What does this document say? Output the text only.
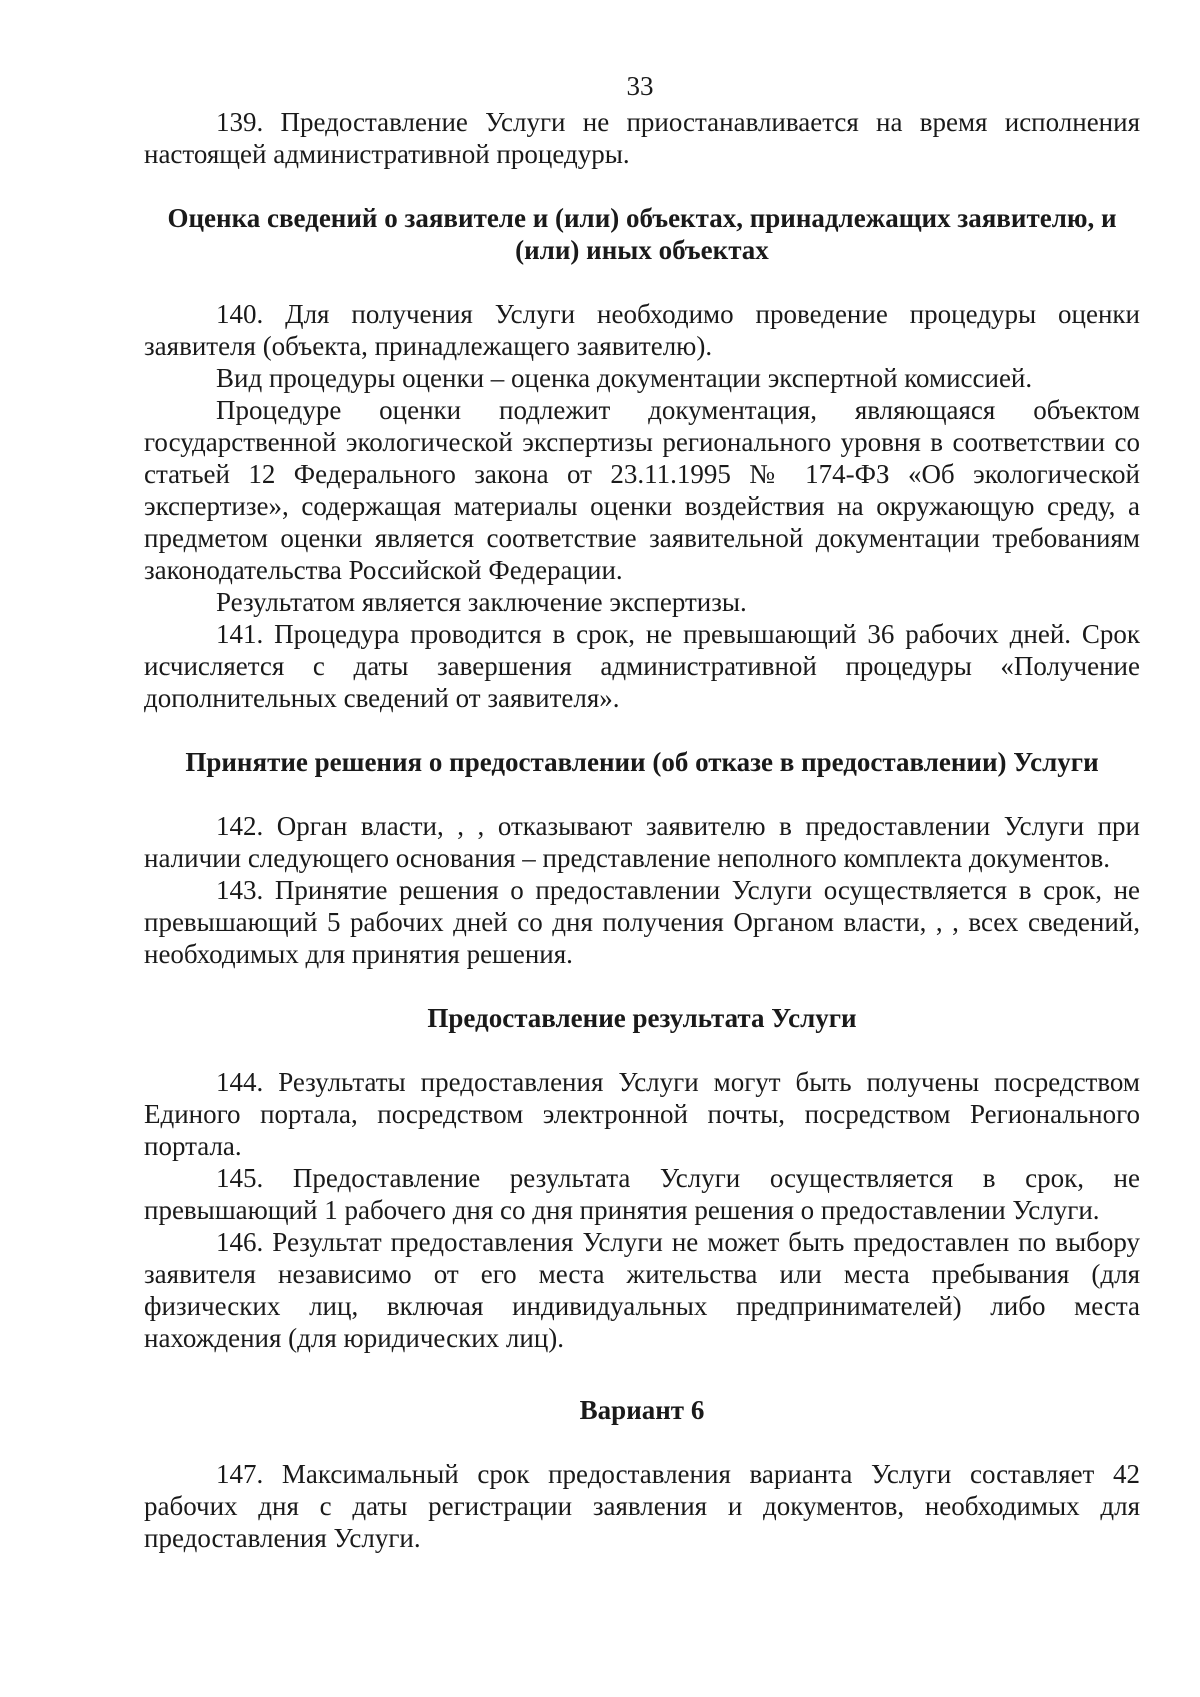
33

139. Предоставление Услуги не приостанавливается на время исполнения настоящей административной процедуры.

Оценка сведений о заявителе и (или) объектах, принадлежащих заявителю, и (или) иных объектах

140. Для получения Услуги необходимо проведение процедуры оценки заявителя (объекта, принадлежащего заявителю).

Вид процедуры оценки – оценка документации экспертной комиссией.

Процедуре оценки подлежит документация, являющаяся объектом государственной экологической экспертизы регионального уровня в соответствии со статьей 12 Федерального закона от 23.11.1995 № 174-ФЗ «Об экологической экспертизе», содержащая материалы оценки воздействия на окружающую среду, а предметом оценки является соответствие заявительной документации требованиям законодательства Российской Федерации.

Результатом является заключение экспертизы.

141. Процедура проводится в срок, не превышающий 36 рабочих дней. Срок исчисляется с даты завершения административной процедуры «Получение дополнительных сведений от заявителя».

Принятие решения о предоставлении (об отказе в предоставлении) Услуги

142. Орган власти, , , отказывают заявителю в предоставлении Услуги при наличии следующего основания – представление неполного комплекта документов.

143. Принятие решения о предоставлении Услуги осуществляется в срок, не превышающий 5 рабочих дней со дня получения Органом власти, , , всех сведений, необходимых для принятия решения.

Предоставление результата Услуги

144. Результаты предоставления Услуги могут быть получены посредством Единого портала, посредством электронной почты, посредством Регионального портала.

145. Предоставление результата Услуги осуществляется в срок, не превышающий 1 рабочего дня со дня принятия решения о предоставлении Услуги.

146. Результат предоставления Услуги не может быть предоставлен по выбору заявителя независимо от его места жительства или места пребывания (для физических лиц, включая индивидуальных предпринимателей) либо места нахождения (для юридических лиц).

Вариант 6

147. Максимальный срок предоставления варианта Услуги составляет 42 рабочих дня с даты регистрации заявления и документов, необходимых для предоставления Услуги.
